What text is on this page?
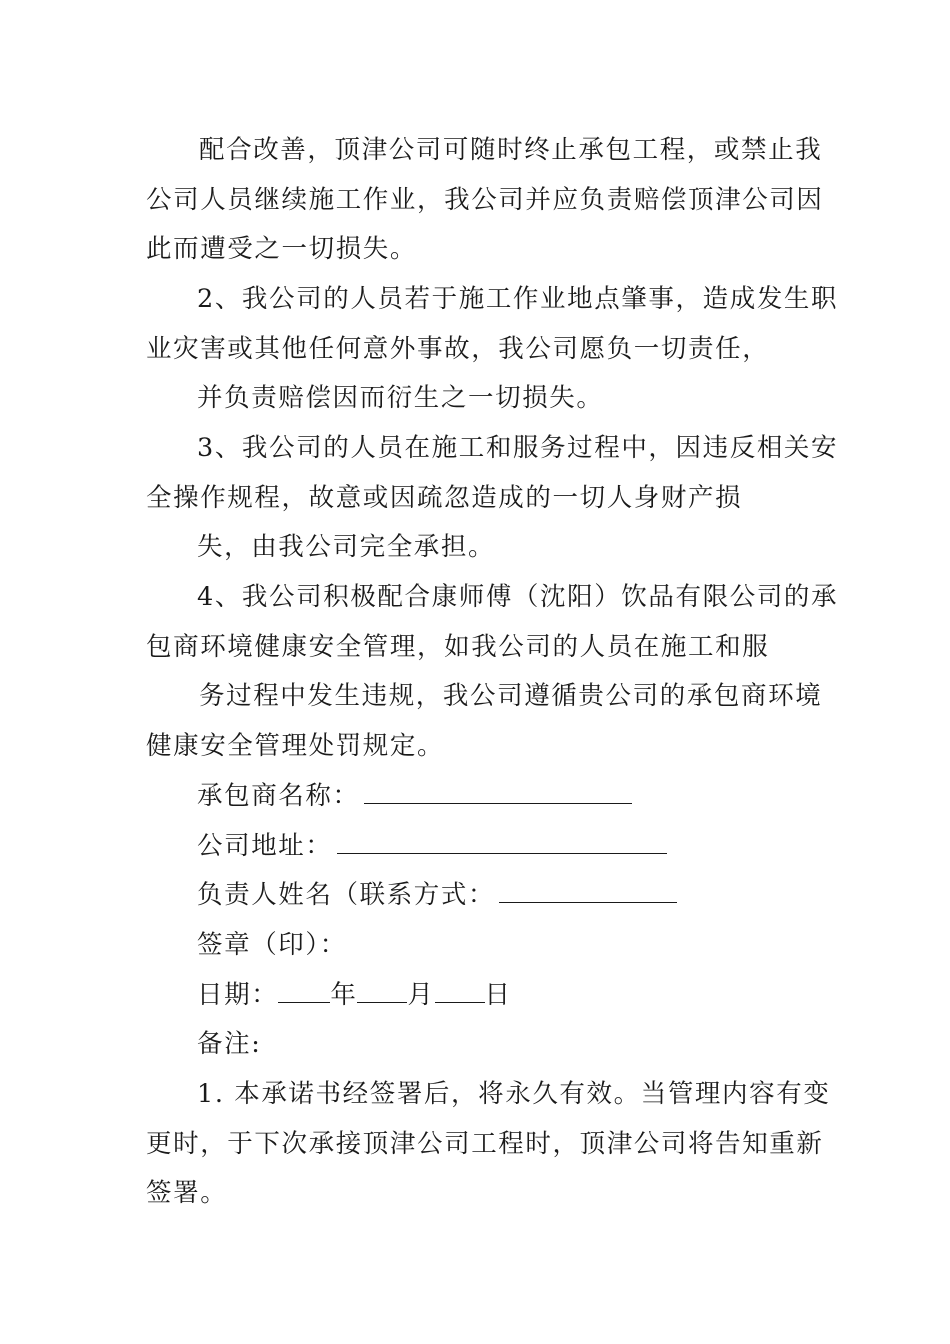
配合改善，顶津公司可随时终止承包工程，或禁止我
公司人员继续施工作业，我公司并应负责赔偿顶津公司因
此而遭受之一切损失。
2、我公司的人员若于施工作业地点肇事，造成发生职
业灾害或其他任何意外事故，我公司愿负一切责任，
并负责赔偿因而衍生之一切损失。
3、我公司的人员在施工和服务过程中，因违反相关安
全操作规程，故意或因疏忽造成的一切人身财产损
失，由我公司完全承担。
4、我公司积极配合康师傅（沈阳）饮品有限公司的承
包商环境健康安全管理，如我公司的人员在施工和服
务过程中发生违规，我公司遵循贵公司的承包商环境
健康安全管理处罚规定。
承包商名称：
公司地址：
负责人姓名（联系方式：
签章（印）：
日期： 年 月 日
备注:
1. 本承诺书经签署后，将永久有效。当管理内容有变
更时，于下次承接顶津公司工程时，顶津公司将告知重新
签署。
